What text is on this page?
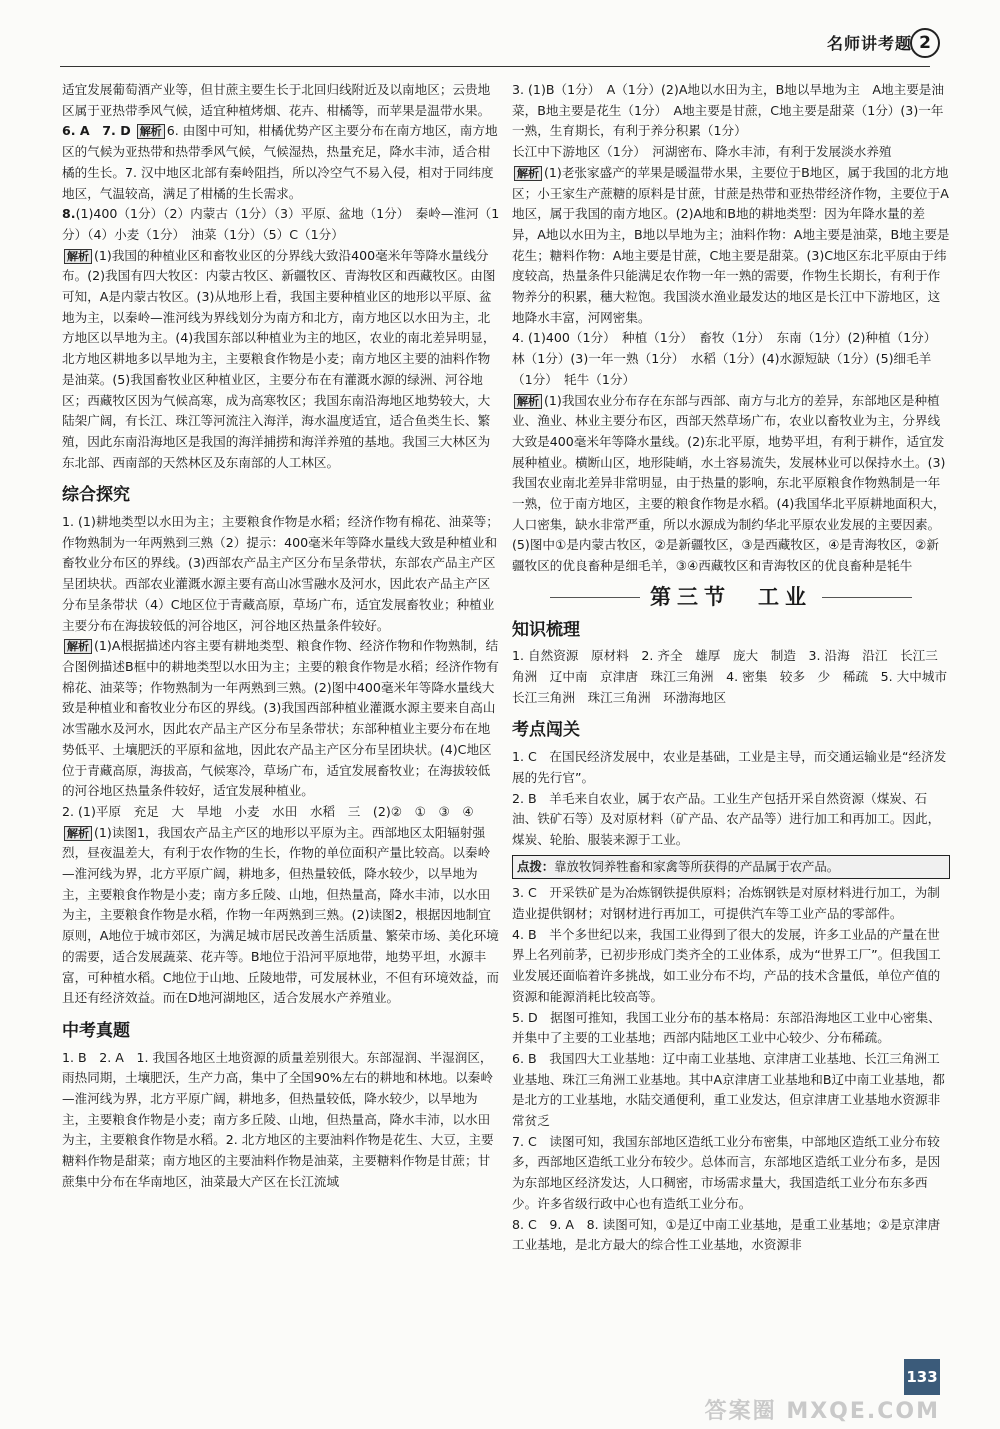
名师讲考题 2

适宜发展葡萄酒产业等，但甘蔗主要生长于北回归线附近及以南地区；云贵地区属于亚热带季风气候，适宜种植烤烟、花卉、柑橘等，而苹果是温带水果。

6. A　7. D 解析 6. 由图中可知，柑橘优势产区主要分布在南方地区，南方地区的气候为亚热带和热带季风气候，气候湿热，热量充足，降水丰沛，适合柑橘的生长。7. 汉中地区北部有秦岭阻挡，所以冷空气不易入侵，相对于同纬度地区，气温较高，满足了柑橘的生长需求。

8.(1)400（1分）（2）内蒙古（1分）（3）平原、盆地（1分）　秦岭—淮河（1分）（4）小麦（1分）　油菜（1分）（5）C（1分）

解析 (1)我国的种植业区和畜牧业区的分界线大致沿400毫米年等降水量线分布。(2)我国有四大牧区：内蒙古牧区、新疆牧区、青海牧区和西藏牧区。由图可知，A是内蒙古牧区。(3)从地形上看，我国主要种植业区的地形以平原、盆地为主，以秦岭—淮河线为界线划分为南方和北方，南方地区以水田为主，北方地区以旱地为主。(4)我国东部以种植业为主的地区，农业的南北差异明显，北方地区耕地多以旱地为主，主要粮食作物是小麦；南方地区主要的油料作物是油菜。(5)我国畜牧业区种植业区，主要分布在有灌溉水源的绿洲、河谷地区；西藏牧区因为气候高寒，成为高寒牧区；我国东南沿海地区地势较大，大陆架广阔，有长江、珠江等河流注入海洋，海水温度适宜，适合鱼类生长、繁殖，因此东南沿海地区是我国的海洋捕捞和海洋养殖的基地。我国三大林区为东北部、西南部的天然林区及东南部的人工林区。

综合探究

1. (1)耕地类型以水田为主；主要粮食作物是水稻；经济作物有棉花、油菜等；作物熟制为一年两熟到三熟（2）提示：400毫米年等降水量线大致是种植业和畜牧业分布区的界线。(3)西部农产品主产区分布呈条带状，东部农产品主产区呈团块状。西部农业灌溉水源主要有高山冰雪融水及河水，因此农产品主产区分布呈条带状（4）C地区位于青藏高原，草场广布，适宜发展畜牧业；种植业主要分布在海拔较低的河谷地区，河谷地区热量条件较好。

解析 (1)A根据描述内容主要有耕地类型、粮食作物、经济作物和作物熟制，结合图例描述B框中的耕地类型以水田为主；主要的粮食作物是水稻；经济作物有棉花、油菜等；作物熟制为一年两熟到三熟。(2)图中400毫米年等降水量线大致是种植业和畜牧业分布区的界线。(3)我国西部种植业灌溉水源主要来自高山冰雪融水及河水，因此农产品主产区分布呈条带状；东部种植业主要分布在地势低平、土壤肥沃的平原和盆地，因此农产品主产区分布呈团块状。(4)C地区位于青藏高原，海拔高，气候寒冷，草场广布，适宜发展畜牧业；在海拔较低的河谷地区热量条件较好，适宜发展种植业。

2. (1)平原　充足　大　旱地　小麦　水田　水稻　三　(2)②　①　③　④

解析 (1)读图1，我国农产品主产区的地形以平原为主。西部地区太阳辐射强烈，昼夜温差大，有利于农作物的生长，作物的单位面积产量比较高。以秦岭—淮河线为界，北方平原广阔，耕地多，但热量较低，降水较少，以旱地为主，主要粮食作物是小麦；南方多丘陵、山地，但热量高，降水丰沛，以水田为主，主要粮食作物是水稻，作物一年两熟到三熟。(2)读图2，根据因地制宜原则，A地位于城市郊区，为满足城市居民改善生活质量、繁荣市场、美化环境的需要，适合发展蔬菜、花卉等。B地位于沿河平原地带，地势平坦，水源丰富，可种植水稻。C地位于山地、丘陵地带，可发展林业，不但有环境效益，而且还有经济效益。而在D地河湖地区，适合发展水产养殖业。

中考真题

1. B　2. A　1. 我国各地区土地资源的质量差别很大。东部湿润、半湿润区，雨热同期，土壤肥沃，生产力高，集中了全国90%左右的耕地和林地。以秦岭—淮河线为界，北方平原广阔，耕地多，但热量较低，降水较少，以旱地为主，主要粮食作物是小麦；南方多丘陵、山地，但热量高，降水丰沛，以水田为主，主要粮食作物是水稻。2. 北方地区的主要油料作物是花生、大豆，主要糖料作物是甜菜；南方地区的主要油料作物是油菜，主要糖料作物是甘蔗；甘蔗集中分布在华南地区，油菜最大产区在长江流域

3. (1)B（1分）　A（1分）(2)A地以水田为主，B地以旱地为主　A地主要是油菜，B地主要是花生（1分）　A地主要是甘蔗，C地主要是甜菜（1分）(3)一年一熟，生育期长，有利于养分积累（1分）

长江中下游地区（1分）　河湖密布、降水丰沛，有利于发展淡水养殖

解析 (1)老张家盛产的苹果是暖温带水果，主要位于B地区，属于我国的北方地区；小王家生产蔗糖的原料是甘蔗，甘蔗是热带和亚热带经济作物，主要位于A地区，属于我国的南方地区。(2)A地和B地的耕地类型：因为年降水量的差异，A地以水田为主，B地以旱地为主；油料作物：A地主要是油菜，B地主要是花生；糖料作物：A地主要是甘蔗，C地主要是甜菜。(3)C地区东北平原由于纬度较高，热量条件只能满足农作物一年一熟的需要，作物生长期长，有利于作物养分的积累，穗大粒饱。我国淡水渔业最发达的地区是长江中下游地区，这地降水丰富，河网密集。

4. (1)400（1分）　种植（1分）　畜牧（1分）　东南（1分）(2)种植（1分）　林（1分）(3)一年一熟（1分）　水稻（1分）(4)水源短缺（1分）(5)细毛羊（1分）　牦牛（1分）

解析 (1)我国农业分布存在东部与西部、南方与北方的差异，东部地区是种植业、渔业、林业主要分布区，西部天然草场广布，农业以畜牧业为主，分界线大致是400毫米年等降水量线。(2)东北平原，地势平坦，有利于耕作，适宜发展种植业。横断山区，地形陡峭，水土容易流失，发展林业可以保持水土。(3)我国农业南北差异非常明显，由于热量的影响，东北平原粮食作物熟制是一年一熟，位于南方地区，主要的粮食作物是水稻。(4)我国华北平原耕地面积大，人口密集，缺水非常严重，所以水源成为制约华北平原农业发展的主要因素。(5)图中①是内蒙古牧区，②是新疆牧区，③是西藏牧区，④是青海牧区，②新疆牧区的优良畜种是细毛羊，③④西藏牧区和青海牧区的优良畜种是牦牛

第三节　工业
知识梳理

1. 自然资源　原材料　2. 齐全　雄厚　庞大　制造　3. 沿海　沿江　长江三角洲　辽中南　京津唐　珠江三角洲　4. 密集　较多　少　稀疏　5. 大中城市　长江三角洲　珠江三角洲　环渤海地区

考点闯关

1. C　在国民经济发展中，农业是基础，工业是主导，而交通运输业是“经济发展的先行官”。

2. B　羊毛来自农业，属于农产品。工业生产包括开采自然资源（煤炭、石油、铁矿石等）及对原材料（矿产品、农产品等）进行加工和再加工。因此，煤炭、轮胎、服装来源于工业。

点拨：靠放牧饲养牲畜和家禽等所获得的产品属于农产品。

3. C　开采铁矿是为冶炼钢铁提供原料；冶炼钢铁是对原材料进行加工，为制造业提供钢材；对钢材进行再加工，可提供汽车等工业产品的零部件。

4. B　半个多世纪以来，我国工业得到了很大的发展，许多工业品的产量在世界上名列前茅，已初步形成门类齐全的工业体系，成为“世界工厂”。但我国工业发展还面临着许多挑战，如工业分布不均，产品的技术含量低，单位产值的资源和能源消耗比较高等。

5. D　据图可推知，我国工业分布的基本格局：东部沿海地区工业中心密集、并集中了主要的工业基地；西部内陆地区工业中心较少、分布稀疏。

6. B　我国四大工业基地：辽中南工业基地、京津唐工业基地、长江三角洲工业基地、珠江三角洲工业基地。其中A京津唐工业基地和B辽中南工业基地，都是北方的工业基地，水陆交通便利，重工业发达，但京津唐工业基地水资源非常贫乏

7. C　读图可知，我国东部地区造纸工业分布密集，中部地区造纸工业分布较多，西部地区造纸工业分布较少。总体而言，东部地区造纸工业分布多，是因为东部地区经济发达，人口稠密，市场需求量大，我国造纸工业分布东多西少。许多省级行政中心也有造纸工业分布。

8. C　9. A　8. 读图可知，①是辽中南工业基地，是重工业基地；②是京津唐工业基地，是北方最大的综合性工业基地，水资源非

133
答案圈 MXQE.COM
